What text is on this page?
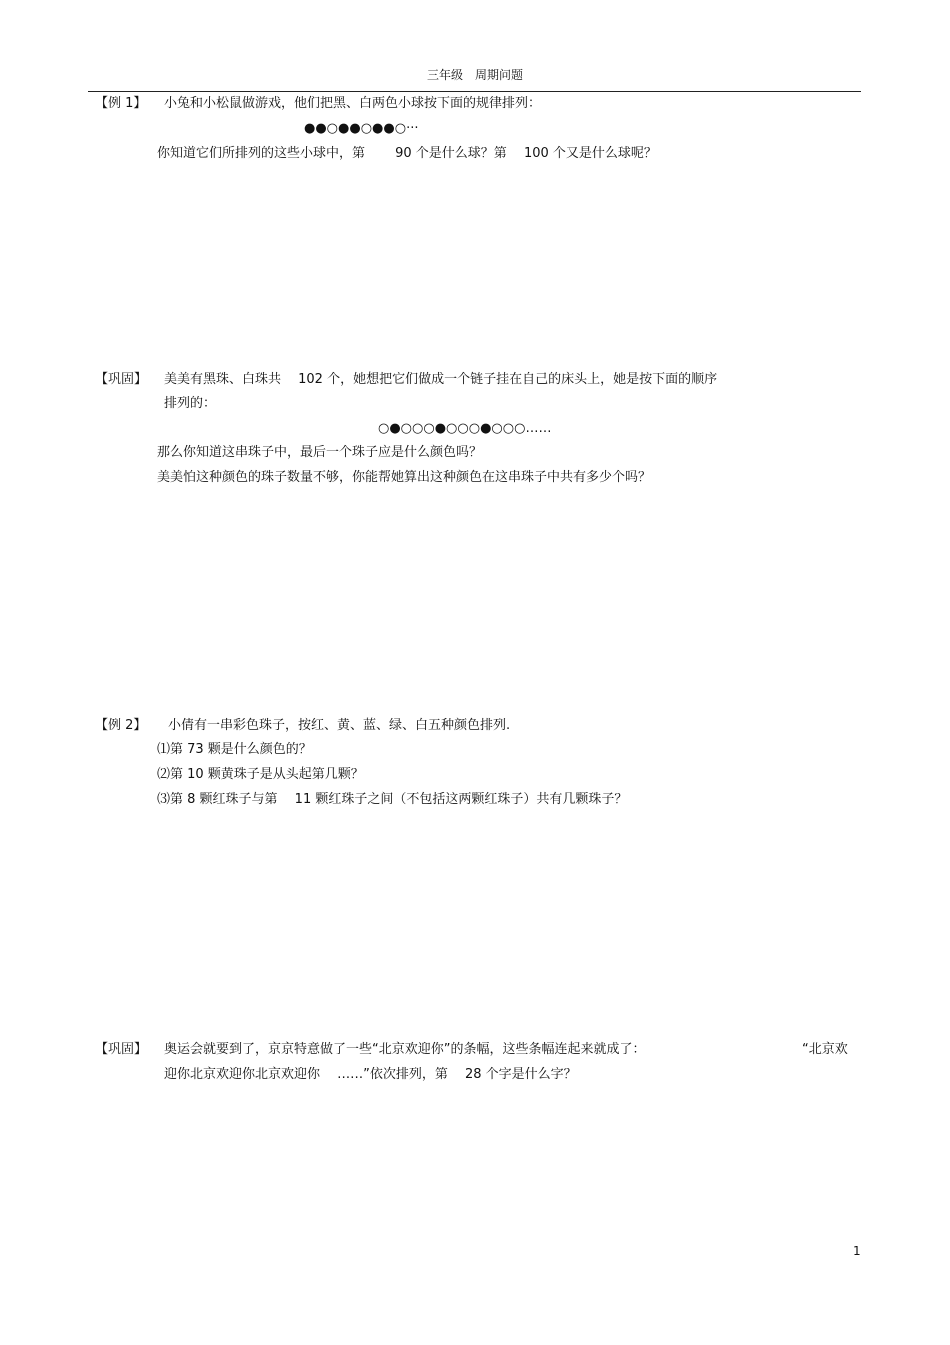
三年级　周期问题
【例 1】 小兔和小松鼠做游戏，他们把黑、白两色小球按下面的规律排列：
●●○●●○●●○···
你知道它们所排列的这些小球中，第　　 90 个是什么球？第　 100 个又是什么球呢？
【巩固】 美美有黑珠、白珠共　 102 个，她想把它们做成一个链子挂在自己的床头上，她是按下面的顺序
排列的：
○●○○○●○○○●○○○……
那么你知道这串珠子中，最后一个珠子应是什么颜色吗？
美美怕这种颜色的珠子数量不够，你能帮她算出这种颜色在这串珠子中共有多少个吗？
【例 2】 小倩有一串彩色珠子，按红、黄、蓝、绿、白五种颜色排列.
⑴第 73 颗是什么颜色的？
⑵第 10 颗黄珠子是从头起第几颗？
⑶第 8 颗红珠子与第　 11 颗红珠子之间（不包括这两颗红珠子）共有几颗珠子？
【巩固】 奥运会就要到了，京京特意做了一些“北京欢迎你”的条幅，这些条幅连起来就成了：	“北京欢
迎你北京欢迎你北京欢迎你　 ……”依次排列，第　 28 个字是什么字？
1
